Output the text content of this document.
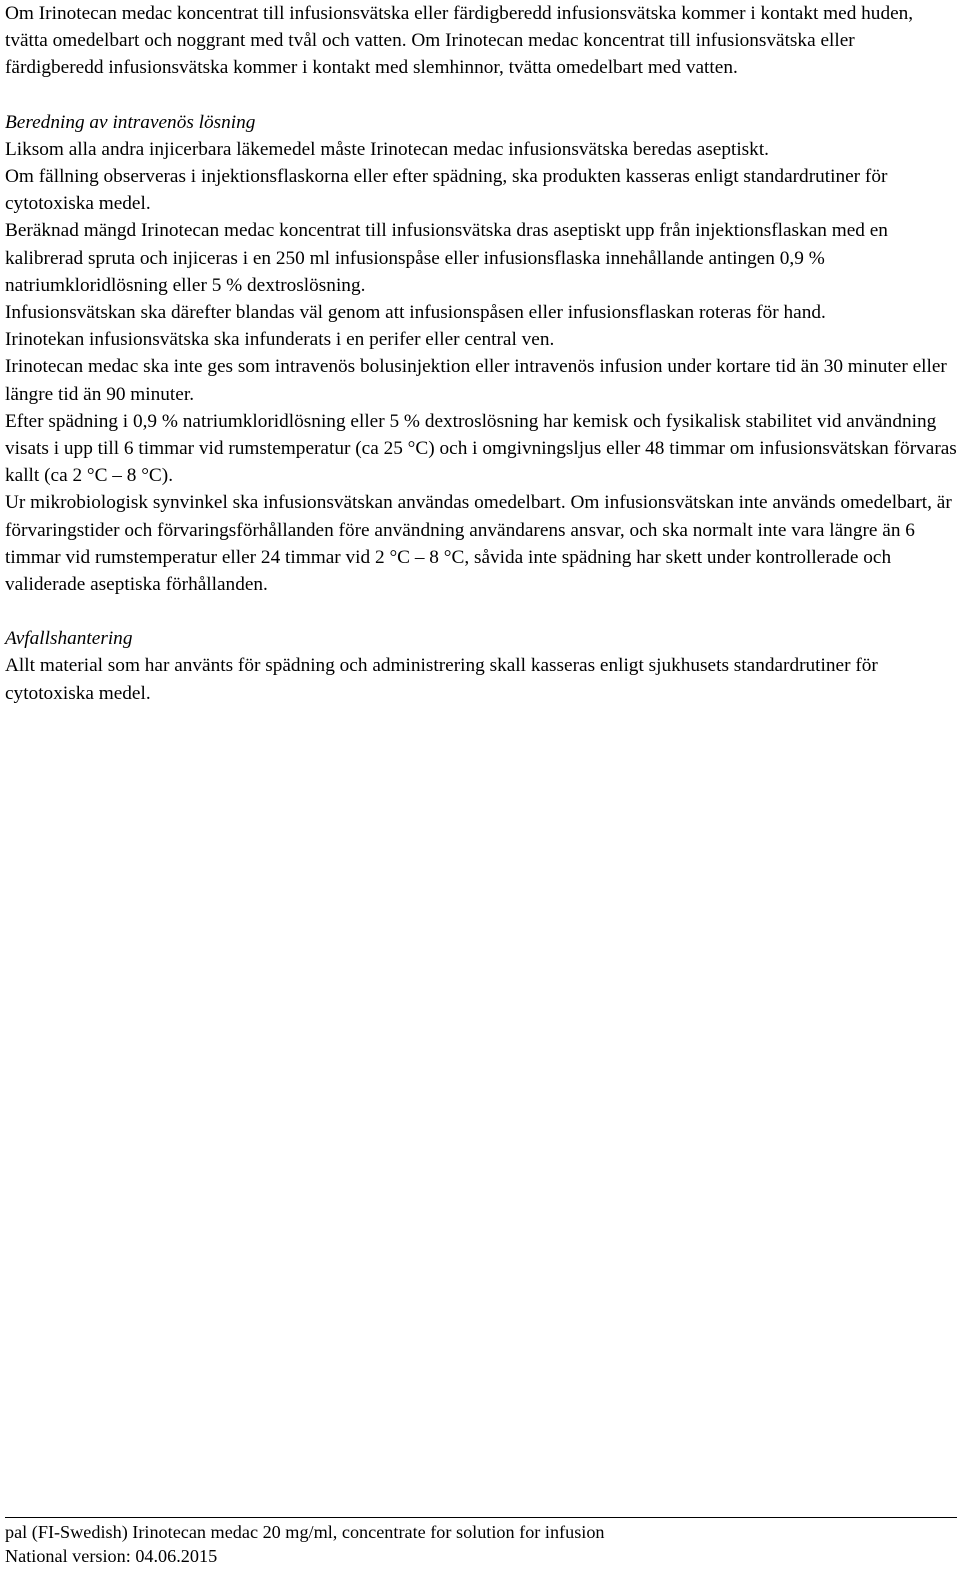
Om Irinotecan medac koncentrat till infusionsvätska eller färdigberedd infusionsvätska kommer i kontakt med huden, tvätta omedelbart och noggrant med tvål och vatten. Om Irinotecan medac koncentrat till infusionsvätska eller färdigberedd infusionsvätska kommer i kontakt med slemhinnor, tvätta omedelbart med vatten.

Beredning av intravenös lösning

Liksom alla andra injicerbara läkemedel måste Irinotecan medac infusionsvätska beredas aseptiskt.

Om fällning observeras i injektionsflaskorna eller efter spädning, ska produkten kasseras enligt standardrutiner för cytotoxiska medel.

Beräknad mängd Irinotecan medac koncentrat till infusionsvätska dras aseptiskt upp från injektionsflaskan med en kalibrerad spruta och injiceras i en 250 ml infusionspåse eller infusionsflaska innehållande antingen 0,9 % natriumkloridlösning eller 5 % dextroslösning.

Infusionsvätskan ska därefter blandas väl genom att infusionspåsen eller infusionsflaskan roteras för hand.

Irinotekan infusionsvätska ska infunderats i en perifer eller central ven.

Irinotecan medac ska inte ges som intravenös bolusinjektion eller intravenös infusion under kortare tid än 30 minuter eller längre tid än 90 minuter.

Efter spädning i 0,9 % natriumkloridlösning eller 5 % dextroslösning har kemisk och fysikalisk stabilitet vid användning visats i upp till 6 timmar vid rumstemperatur (ca 25 °C) och i omgivningsljus eller 48 timmar om infusionsvätskan förvaras kallt (ca 2 °C – 8 °C).

Ur mikrobiologisk synvinkel ska infusionsvätskan användas omedelbart. Om infusionsvätskan inte används omedelbart, är förvaringstider och förvaringsförhållanden före användning användarens ansvar, och ska normalt inte vara längre än 6 timmar vid rumstemperatur eller 24 timmar vid 2 °C – 8 °C, såvida inte spädning har skett under kontrollerade och validerade aseptiska förhållanden.

Avfallshantering

Allt material som har använts för spädning och administrering skall kasseras enligt sjukhusets standardrutiner för cytotoxiska medel.

pal (FI-Swedish) Irinotecan medac 20 mg/ml, concentrate for solution for infusion

National version: 04.06.2015
